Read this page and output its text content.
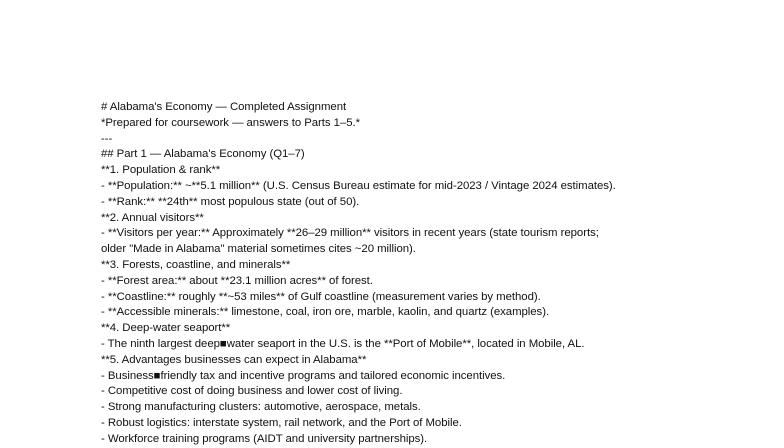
# Alabama's Economy — Completed Assignment
*Prepared for coursework — answers to Parts 1–5.*
---
## Part 1 — Alabama's Economy (Q1–7)
**1. Population & rank**
- **Population:** ~**5.1 million** (U.S. Census Bureau estimate for mid-2023 / Vintage 2024 estimates).
- **Rank:** **24th** most populous state (out of 50).
**2. Annual visitors**
- **Visitors per year:** Approximately **26–29 million** visitors in recent years (state tourism reports;
older "Made in Alabama" material sometimes cites ~20 million).
**3. Forests, coastline, and minerals**
- **Forest area:** about **23.1 million acres** of forest.
- **Coastline:** roughly **~53 miles** of Gulf coastline (measurement varies by method).
- **Accessible minerals:** limestone, coal, iron ore, marble, kaolin, and quartz (examples).
**4. Deep-water seaport**
- The ninth largest deep■water seaport in the U.S. is the **Port of Mobile**, located in Mobile, AL.
**5. Advantages businesses can expect in Alabama**
- Business■friendly tax and incentive programs and tailored economic incentives.
- Competitive cost of doing business and lower cost of living.
- Strong manufacturing clusters: automotive, aerospace, metals.
- Robust logistics: interstate system, rail network, and the Port of Mobile.
- Workforce training programs (AIDT and university partnerships).
